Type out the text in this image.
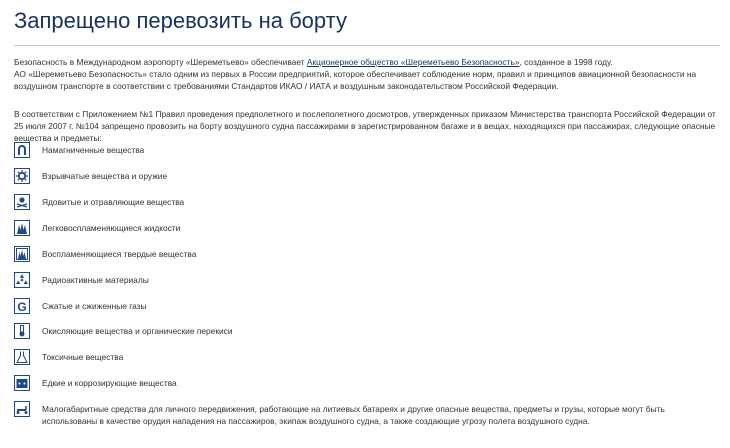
Запрещено перевозить на борту
Безопасность в Международном аэропорту «Шереметьево» обеспечивает Акционерное общество «Шереметьево Безопасность», созданное в 1998 году.
АО «Шереметьево Безопасность» стало одним из первых в России предприятий, которое обеспечивает соблюдение норм, правил и принципов авиационной безопасности на воздушном транспорте в соответствии с требованиями Стандартов ИКАО / ИАТА и воздушным законодательством Российской Федерации.
В соответствии с Приложением №1 Правил проведения предполетного и послеполетного досмотров, утвержденных приказом Министерства транспорта Российской Федерации от 25 июля 2007 г. №104 запрещено провозить на борту воздушного судна пассажирами в зарегистрированном багаже и в вещах, находящихся при пассажирах, следующие опасные вещества и предметы:
Намагниченные вещества
Взрывчатые вещества и оружие
Ядовитые и отравляющие вещества
Легковоспламеняющиеся жидкости
Воспламеняющиеся твердые вещества
Радиоактивные материалы
G Сжатые и сжиженные газы
Окисляющие вещества и органические перекиси
Токсичные вещества
Едкие и коррозирующие вещества
Малогабаритные средства для личного передвижения, работающие на литиевых батареях и другие опасные вещества, предметы и грузы, которые могут быть использованы в качестве орудия нападения на пассажиров, экипаж воздушного судна, а также создающие угрозу полета воздушного судна.
